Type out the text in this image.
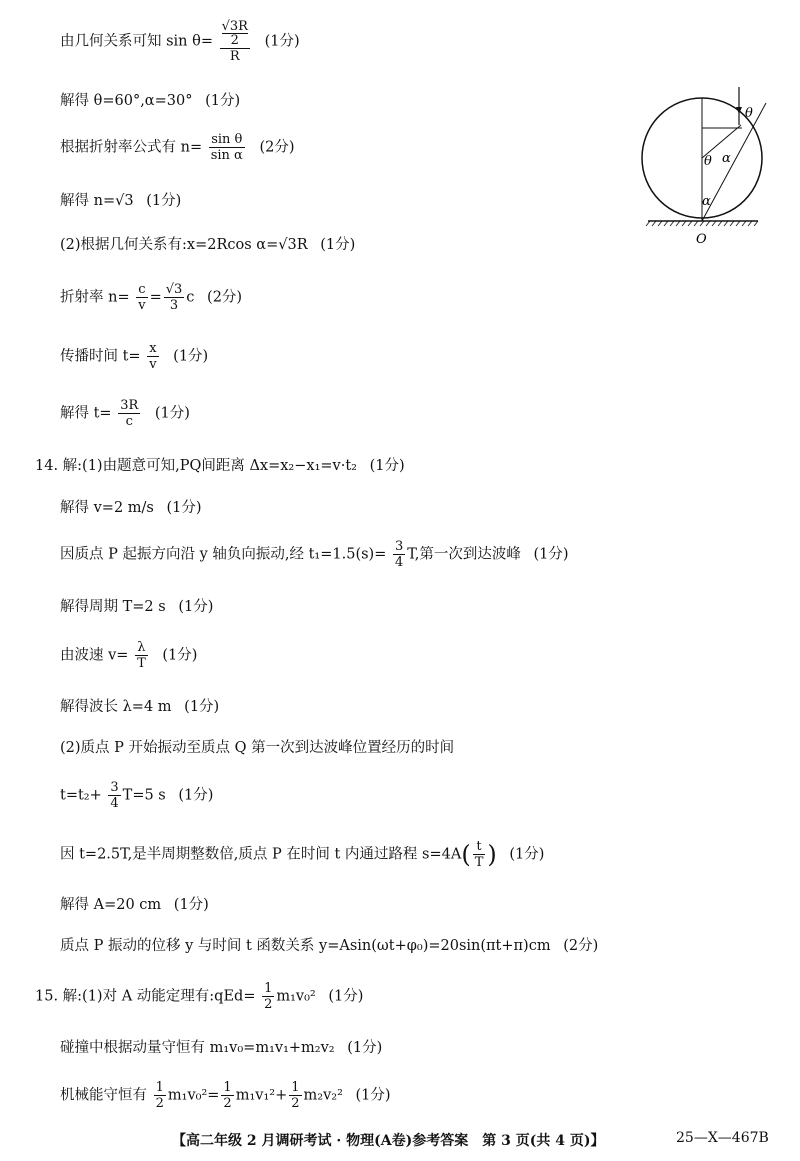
由几何关系可知 $\sin \theta= \frac{\frac{√3R}{2}}{R} (1$分)
解得 θ=60°,α=30° (1分)
根据折射率公式有 $n= \frac{\text{sin θ}}{\text{sin α}} (2$分)
解得 n=√3 (1分)
(2)根据几何关系有:x=2Rcos α=√3R (1分)
折射率 $n= \frac{c}{v} = \frac{√3}{3}$ c (2分)
传播时间 $t= \frac{x}{v} (1$分)
解得 $t= \frac{3R}{c} (1$分)
14. 解:(1)由题意可知,PQ间距离 Δx=x₂−x₁=v·t₂ (1分)
解得 v=2 m/s (1分)
因质点 P 起振方向沿 y 轴负向振动,经 $t_1=1.5(s)= \frac{3}{4} T$,第一次到达波峰 (1分)
解得周期 T=2 s (1分)
由波速 $v= \frac{\lambda}{T} (1$分)
解得波长 λ=4 m (1分)
(2)质点 P 开始振动至质点 Q 第一次到达波峰位置经历的时间
$t=t_2+ \frac{3}{4} T=5$ s (1分)
因 t=2.5T,是半周期整数倍,质点 P 在时间 t 内通过路程 $s=4A( \frac{t}{T}$ ) (1分)
解得 A=20 cm (1分)
质点 P 振动的位移 y 与时间 t 函数关系 y=Asin(ωt+φ₀)=20sin(πt+π)cm (2分)
15. 解:(1)对 A 动能定理有:qEd= $\frac{1}{2} m_1v_0^2$ (1分)
碰撞中根据动量守恒有 m₁v₀=m₁v₁+m₂v₂ (1分)
机械能守恒有 $\frac{1}{2} m_1v_0^2= \frac{1}{2} m_1v_1^2+ \frac{1}{2} m_2v_2^2$ (1分)
θ
θ α
α
O
【高二年级 2 月调研考试 · 物理(A卷)参考答案　第 3 页(共 4 页)】	25—X—467B
